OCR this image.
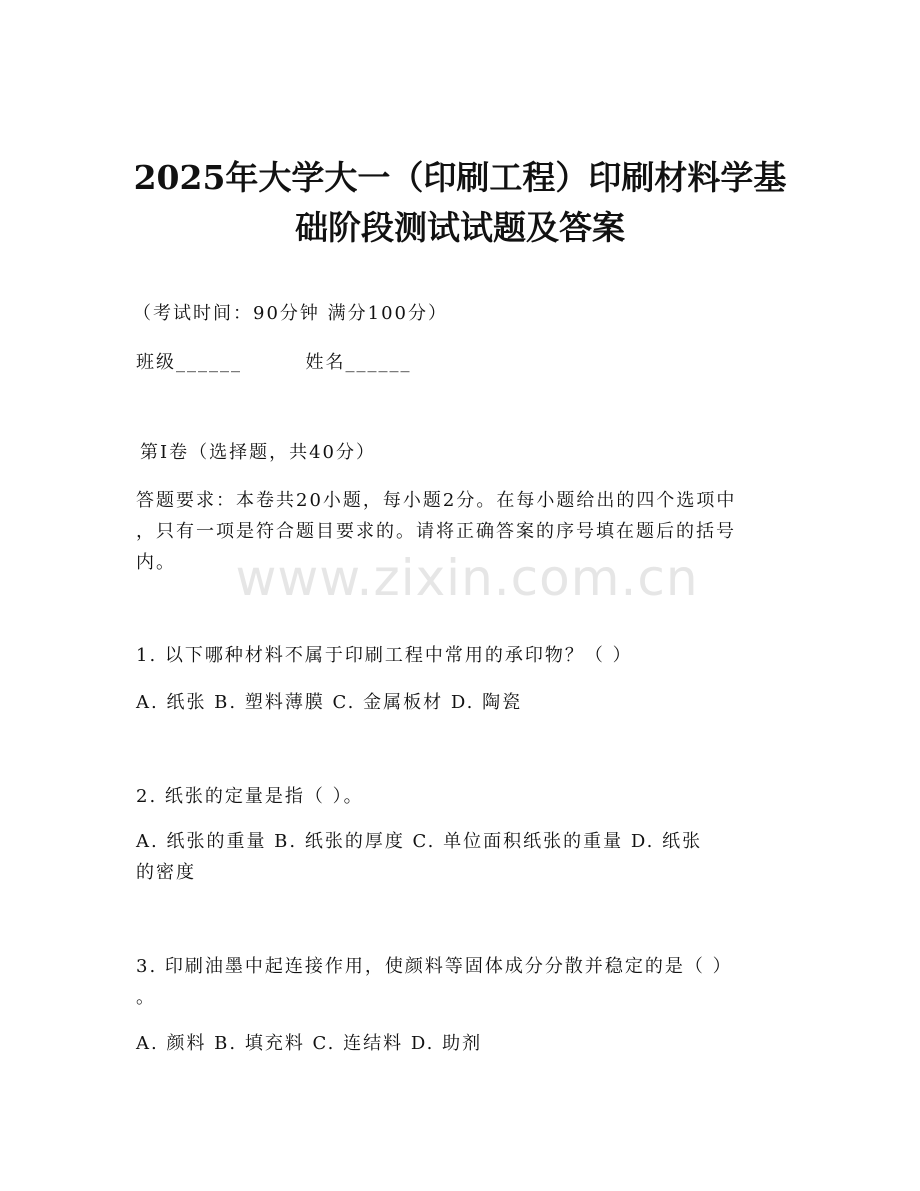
2025年大学大一（印刷工程）印刷材料学基
础阶段测试试题及答案
（考试时间：90分钟 满分100分）
班级______	姓名______
第I卷（选择题，共40分）
答题要求：本卷共20小题，每小题2分。在每小题给出的四个选项中
，只有一项是符合题目要求的。请将正确答案的序号填在题后的括号
内。	www.zixin.com.cn
1. 以下哪种材料不属于印刷工程中常用的承印物？（ ）
A. 纸张 B. 塑料薄膜 C. 金属板材 D. 陶瓷
2. 纸张的定量是指（ ）。
A. 纸张的重量 B. 纸张的厚度 C. 单位面积纸张的重量 D. 纸张
的密度
3. 印刷油墨中起连接作用，使颜料等固体成分分散并稳定的是（ ）
。
A. 颜料 B. 填充料 C. 连结料 D. 助剂
